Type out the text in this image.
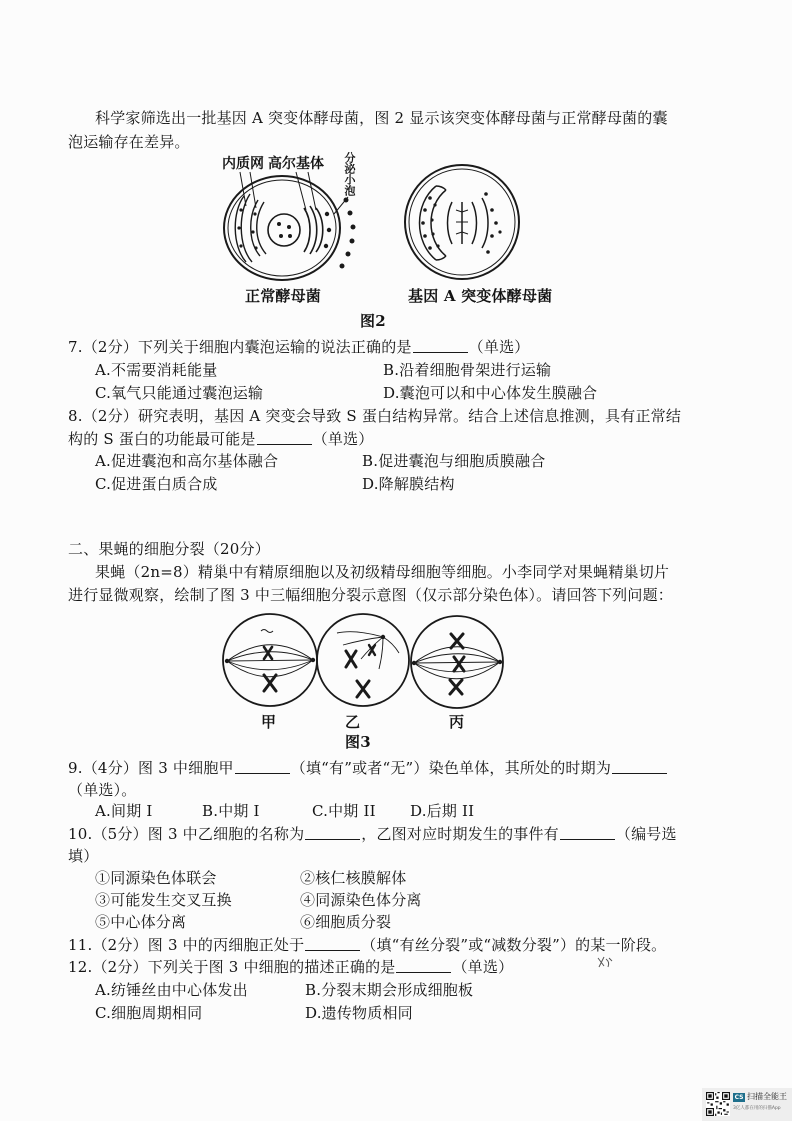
科学家筛选出一批基因 A 突变体酵母菌，图 2 显示该突变体酵母菌与正常酵母菌的囊
泡运输存在差异。
内质网 高尔基体 分泌小泡
正常酵母菌	基因 A 突变体酵母菌
图2
7.（2分）下列关于细胞内囊泡运输的说法正确的是	（单选）
A.不需要消耗能量	B.沿着细胞骨架进行运输
C.氧气只能通过囊泡运输	D.囊泡可以和中心体发生膜融合
8.（2分）研究表明，基因 A 突变会导致 S 蛋白结构异常。结合上述信息推测，具有正常结
构的 S 蛋白的功能最可能是	（单选）
A.促进囊泡和高尔基体融合	B.促进囊泡与细胞质膜融合
C.促进蛋白质合成	D.降解膜结构
二、果蝇的细胞分裂（20分）
果蝇（2n=8）精巢中有精原细胞以及初级精母细胞等细胞。小李同学对果蝇精巢切片
进行显微观察，绘制了图 3 中三幅细胞分裂示意图（仅示部分染色体）。请回答下列问题：
甲	乙	丙
图3
9.（4分）图 3 中细胞甲	（填“有”或者“无”）染色单体，其所处的时期为
（单选）。
A.间期 I	B.中期 I	C.中期 II D.后期 II
10.（5分）图 3 中乙细胞的名称为	，乙图对应时期发生的事件有	（编号选
填）
①同源染色体联会	②核仁核膜解体
③可能发生交叉互换	④同源染色体分离
⑤中心体分离	⑥细胞质分裂
11.（2分）图 3 中的丙细胞正处于	（填“有丝分裂”或“减数分裂”）的某一阶段。
12.（2分）下列关于图 3 中细胞的描述正确的是	（单选）
A.纺锤丝由中心体发出	B.分裂末期会形成细胞板
C.细胞周期相同	D.遗传物质相同
CS 扫描全能王
3亿人都在用的扫描App
